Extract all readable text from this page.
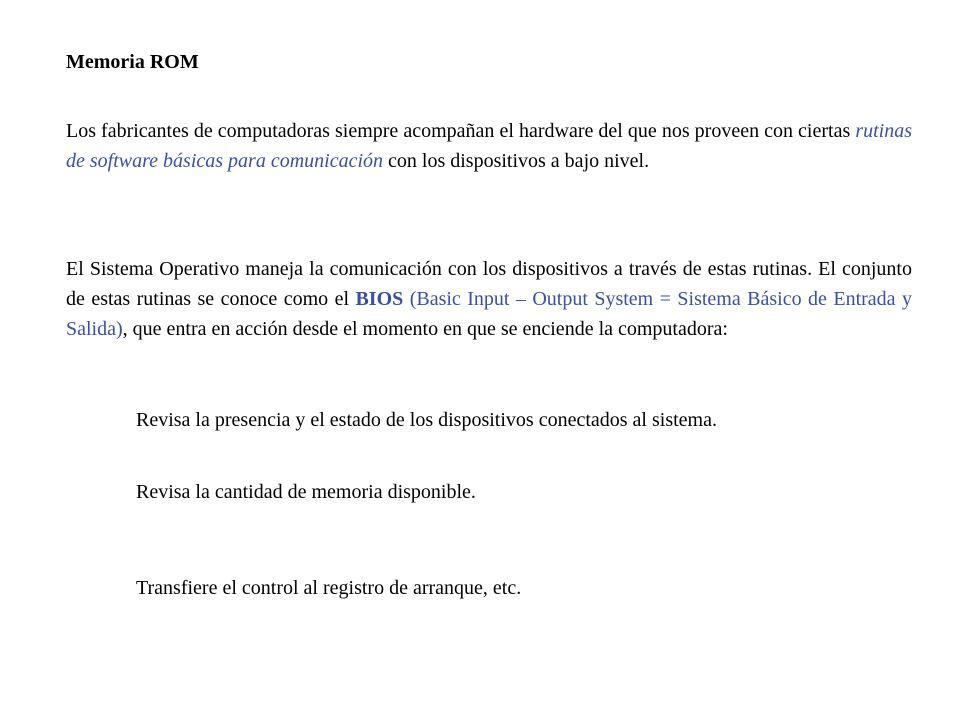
Memoria ROM

Los fabricantes de computadoras siempre acompañan el hardware del que nos proveen con ciertas rutinas de software básicas para comunicación con los dispositivos a bajo nivel.

El Sistema Operativo maneja la comunicación con los dispositivos a través de estas rutinas. El conjunto de estas rutinas se conoce como el BIOS (Basic Input – Output System = Sistema Básico de Entrada y Salida), que entra en acción desde el momento en que se enciende la computadora:

Revisa la presencia y el estado de los dispositivos conectados al sistema.
Revisa la cantidad de memoria disponible.
Transfiere el control al registro de arranque, etc.
